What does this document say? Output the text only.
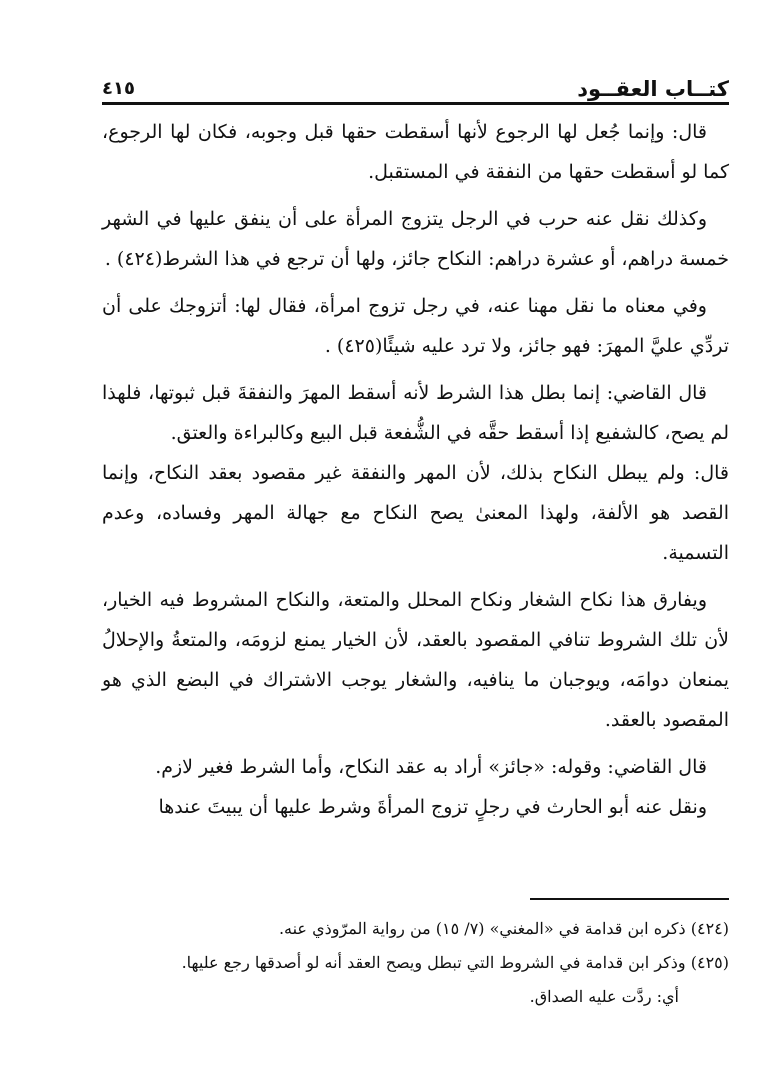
كتــاب العقــود
٤١٥

قال: وإنما جُعل لها الرجوع لأنها أسقطت حقها قبل وجوبه، فكان لها الرجوع، كما لو أسقطت حقها من النفقة في المستقبل.

وكذلك نقل عنه حرب في الرجل يتزوج المرأة على أن ينفق عليها في الشهر خمسة دراهم، أو عشرة دراهم: النكاح جائز، ولها أن ترجع في هذا الشرط(٤٢٤) .

وفي معناه ما نقل مهنا عنه، في رجل تزوج امرأة، فقال لها: أتزوجك على أن تردِّي عليَّ المهرَ: فهو جائز، ولا ترد عليه شيئًا(٤٢٥) .

قال القاضي: إنما بطل هذا الشرط لأنه أسقط المهرَ والنفقةَ قبل ثبوتها، فلهذا لم يصح، كالشفيع إذا أسقط حقَّه في الشُّفعة قبل البيع وكالبراءة والعتق.

قال: ولم يبطل النكاح بذلك، لأن المهر والنفقة غير مقصود بعقد النكاح، وإنما القصد هو الألفة، ولهذا المعنىٰ يصح النكاح مع جهالة المهر وفساده، وعدم التسمية.

ويفارق هذا نكاح الشغار ونكاح المحلل والمتعة، والنكاح المشروط فيه الخيار، لأن تلك الشروط تنافي المقصود بالعقد، لأن الخيار يمنع لزومَه، والمتعةُ والإحلالُ يمنعان دوامَه، ويوجبان ما ينافيه، والشغار يوجب الاشتراك في البضع الذي هو المقصود بالعقد.

قال القاضي: وقوله: «جائز» أراد به عقد النكاح، وأما الشرط فغير لازم.

ونقل عنه أبو الحارث في رجلٍ تزوج المرأةَ وشرط عليها أن يبيتَ عندها

(٤٢٤) ذكره ابن قدامة في «المغني» (٧/ ١٥) من رواية المرّوذي عنه.

(٤٢٥) وذكر ابن قدامة في الشروط التي تبطل ويصح العقد أنه لو أصدقها رجع عليها.

أي: ردَّت عليه الصداق.
